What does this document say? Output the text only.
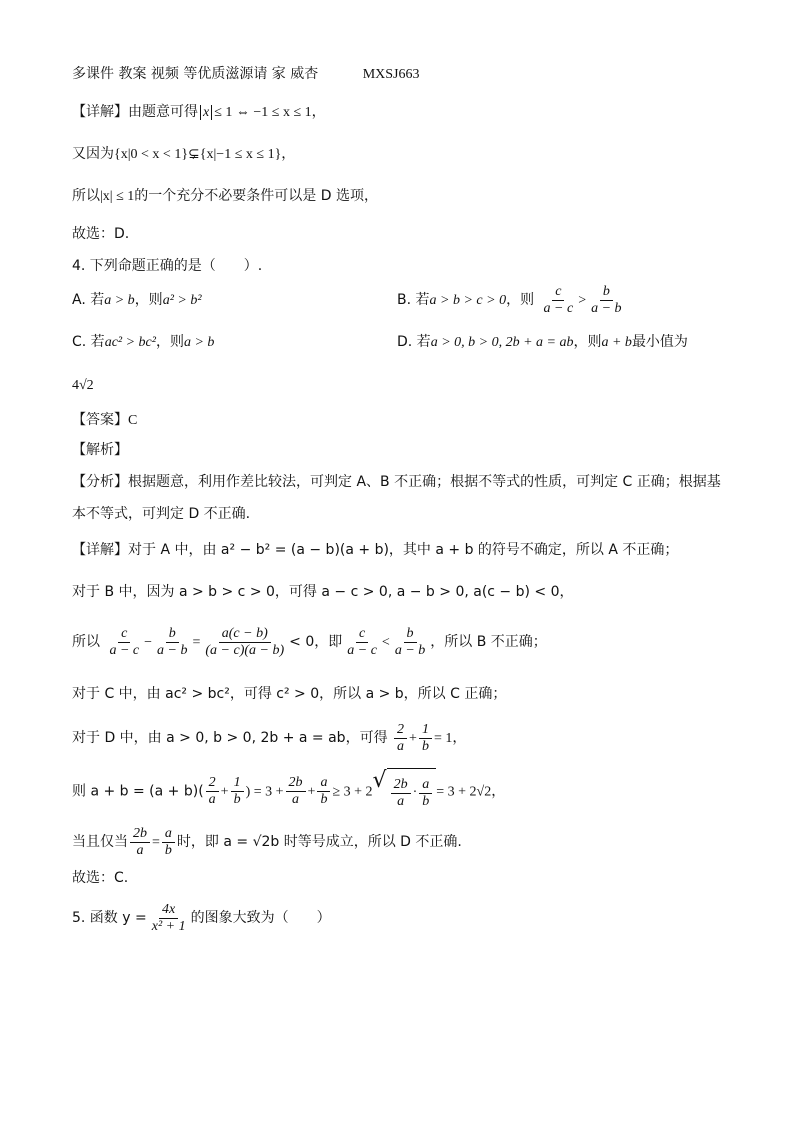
多课件 教案 视频 等优质滋源请 家 威杏	MXSJ663
【详解】由题意可得 x ≤ 1 ⇔ −1 ≤ x ≤ 1，
又因为{x|0 < x < 1}⊊{x|−1 ≤ x ≤ 1}，
所以|x| ≤ 1的一个充分不必要条件可以是 D 选项，
故选：D.
4. 下列命题正确的是（　　）.
A. 若a > b，则a² > b²	B. 若a > b > c > 0，则 $\frac{c}{a - c} > \frac{b}{a - b}$
C. 若ac² > bc²，则a > b	D. 若a > 0, b > 0, 2b + a = ab，则a + b最小值为
4√2
【答案】C
【解析】
【分析】根据题意，利用作差比较法，可判定 A、B 不正确；根据不等式的性质，可判定 C 正确；根据基
本不等式，可判定 D 不正确.
【详解】对于 A 中，由 a² − b² = (a − b)(a + b)，其中 a + b 的符号不确定，所以 A 不正确；
对于 B 中，因为 a > b > c > 0，可得 a − c > 0, a − b > 0, a(c − b) < 0，
所以 $\frac{c}{a - c} - \frac{b}{a - b} = \frac{a(c - b)}{(a - c)(a - b)} < 0$，即 $\frac{c}{a - c} < \frac{b}{a - b}$ ，所以 B 不正确；
对于 C 中，由 ac² > bc²，可得 c² > 0，所以 a > b，所以 C 正确；
对于 D 中，由 a > 0, b > 0, 2b + a = ab，可得 $\frac{2}{a} + \frac{1}{b} = 1$，
则 $a + b = (a + b)( \frac{2}{a} + \frac{1}{b}$ ) = $3 + \frac{2b}{a} + \frac{a}{b} \ge 3 + 2$ √ $\frac{2b}{a} \cdot \frac{a}{b} = 3 + 2√2$，
当且仅当 $\frac{2b}{a} = \frac{a}{b}$ 时，即 a = √2b 时等号成立，所以 D 不正确.
故选：C.
5. 函数 $y = \frac{4x}{\text{x² + 1}}$ 的图象大致为（　　）
